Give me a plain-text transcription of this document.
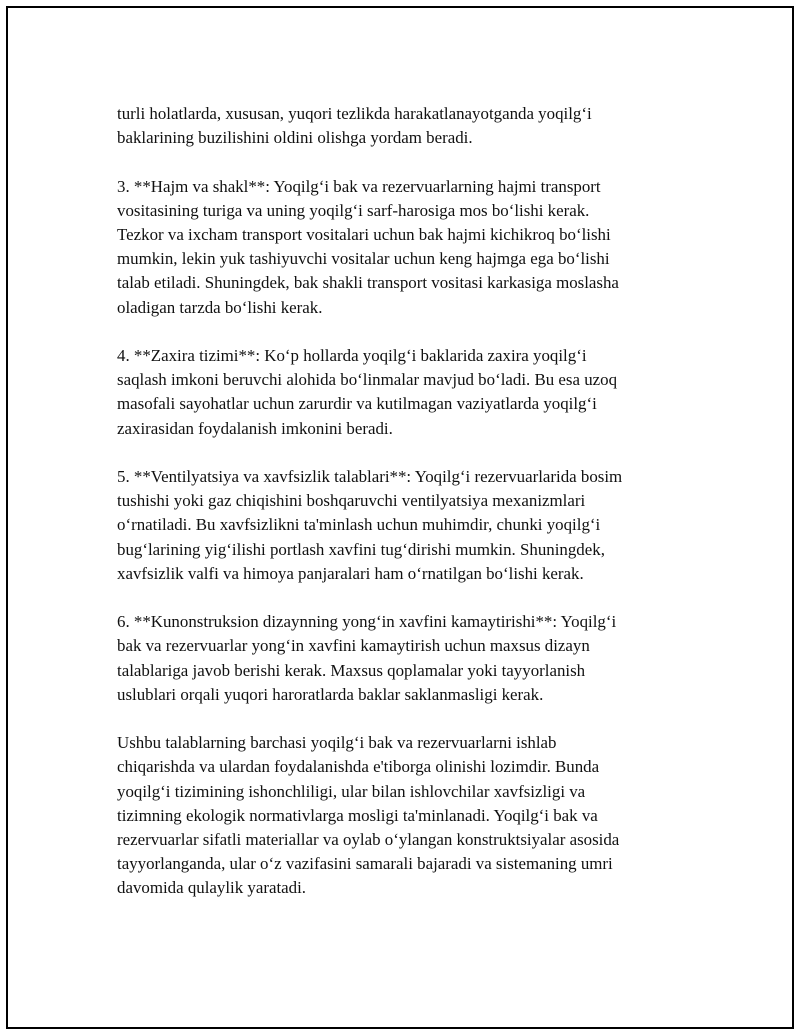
turli holatlarda, xususan, yuqori tezlikda harakatlanayotganda yoqilg‘i
baklarining buzilishini oldini olishga yordam beradi.

3. **Hajm va shakl**: Yoqilg‘i bak va rezervuarlarning hajmi transport
vositasining turiga va uning yoqilg‘i sarf-harosiga mos bo‘lishi kerak.
Tezkor va ixcham transport vositalari uchun bak hajmi kichikroq bo‘lishi
mumkin, lekin yuk tashiyuvchi vositalar uchun keng hajmga ega bo‘lishi
talab etiladi. Shuningdek, bak shakli transport vositasi karkasiga moslasha
oladigan tarzda bo‘lishi kerak.

4. **Zaxira tizimi**: Ko‘p hollarda yoqilg‘i baklarida zaxira yoqilg‘i
saqlash imkoni beruvchi alohida bo‘linmalar mavjud bo‘ladi. Bu esa uzoq
masofali sayohatlar uchun zarurdir va kutilmagan vaziyatlarda yoqilg‘i
zaxirasidan foydalanish imkonini beradi.

5. **Ventilyatsiya va xavfsizlik talablari**: Yoqilg‘i rezervuarlarida bosim
tushishi yoki gaz chiqishini boshqaruvchi ventilyatsiya mexanizmlari
o‘rnatiladi. Bu xavfsizlikni ta'minlash uchun muhimdir, chunki yoqilg‘i
bug‘larining yig‘ilishi portlash xavfini tug‘dirishi mumkin. Shuningdek,
xavfsizlik valfi va himoya panjaralari ham o‘rnatilgan bo‘lishi kerak.

6. **Kunonstruksion dizaynning yong‘in xavfini kamaytirishi**: Yoqilg‘i
bak va rezervuarlar yong‘in xavfini kamaytirish uchun maxsus dizayn
talablariga javob berishi kerak. Maxsus qoplamalar yoki tayyorlanish
uslublari orqali yuqori haroratlarda baklar saklanmasligi kerak.

Ushbu talablarning barchasi yoqilg‘i bak va rezervuarlarni ishlab
chiqarishda va ulardan foydalanishda e'tiborga olinishi lozimdir. Bunda
yoqilg‘i tizimining ishonchliligi, ular bilan ishlovchilar xavfsizligi va
tizimning ekologik normativlarga mosligi ta'minlanadi. Yoqilg‘i bak va
rezervuarlar sifatli materiallar va oylab o‘ylangan konstruktsiyalar asosida
tayyorlanganda, ular o‘z vazifasini samarali bajaradi va sistemaning umri
davomida qulaylik yaratadi.
